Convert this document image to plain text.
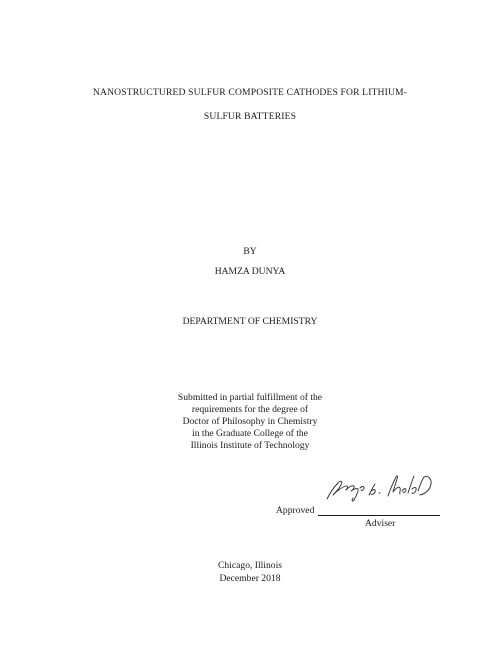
NANOSTRUCTURED SULFUR COMPOSITE CATHODES FOR LITHIUM-
SULFUR BATTERIES
BY
HAMZA DUNYA
DEPARTMENT OF CHEMISTRY
Submitted in partial fulfillment of the
requirements for the degree of
Doctor of Philosophy in Chemistry
in the Graduate College of the
Illinois Institute of Technology
Approved
Adviser
Chicago, Illinois
December 2018
